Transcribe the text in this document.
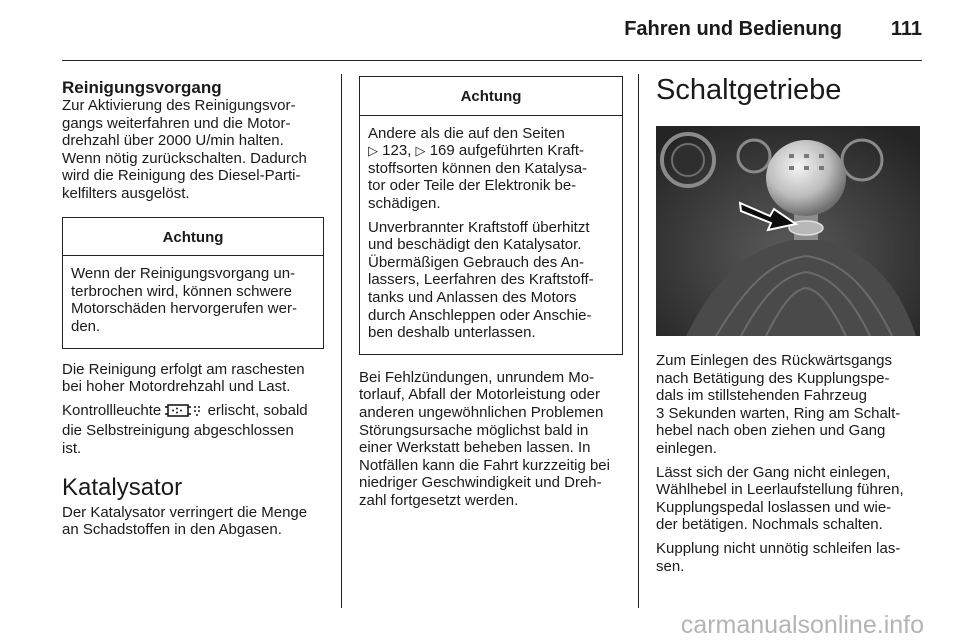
Fahren und Bedienung 111
Reinigungsvorgang

Zur Aktivierung des Reinigungsvor-
gangs weiterfahren und die Motor-
drehzahl über 2000 U/min halten.
Wenn nötig zurückschalten. Dadurch
wird die Reinigung des Diesel-Parti-
kelfilters ausgelöst.

Achtung

Wenn der Reinigungsvorgang un-
terbrochen wird, können schwere
Motorschäden hervorgerufen wer-
den.

Die Reinigung erfolgt am raschesten
bei hoher Motordrehzahl und Last.

Kontrollleuchte	erlischt, sobald
die Selbstreinigung abgeschlossen
ist.

Katalysator

Der Katalysator verringert die Menge
an Schadstoffen in den Abgasen.

Achtung

Andere als die auf den Seiten
▷ 123, ▷ 169 aufgeführten Kraft-
stoffsorten können den Katalysa-
tor oder Teile der Elektronik be-
schädigen.

Unverbrannter Kraftstoff überhitzt
und beschädigt den Katalysator.
Übermäßigen Gebrauch des An-
lassers, Leerfahren des Kraftstoff-
tanks und Anlassen des Motors
durch Anschleppen oder Anschie-
ben deshalb unterlassen.

Bei Fehlzündungen, unrundem Mo-
torlauf, Abfall der Motorleistung oder
anderen ungewöhnlichen Problemen
Störungsursache möglichst bald in
einer Werkstatt beheben lassen. In
Notfällen kann die Fahrt kurzzeitig bei
niedriger Geschwindigkeit und Dreh-
zahl fortgesetzt werden.

Schaltgetriebe

Zum Einlegen des Rückwärtsgangs
nach Betätigung des Kupplungspe-
dals im stillstehenden Fahrzeug
3 Sekunden warten, Ring am Schalt-
hebel nach oben ziehen und Gang
einlegen.

Lässt sich der Gang nicht einlegen,
Wählhebel in Leerlaufstellung führen,
Kupplungspedal loslassen und wie-
der betätigen. Nochmals schalten.

Kupplung nicht unnötig schleifen las-
sen.

carmanualsonline.info
